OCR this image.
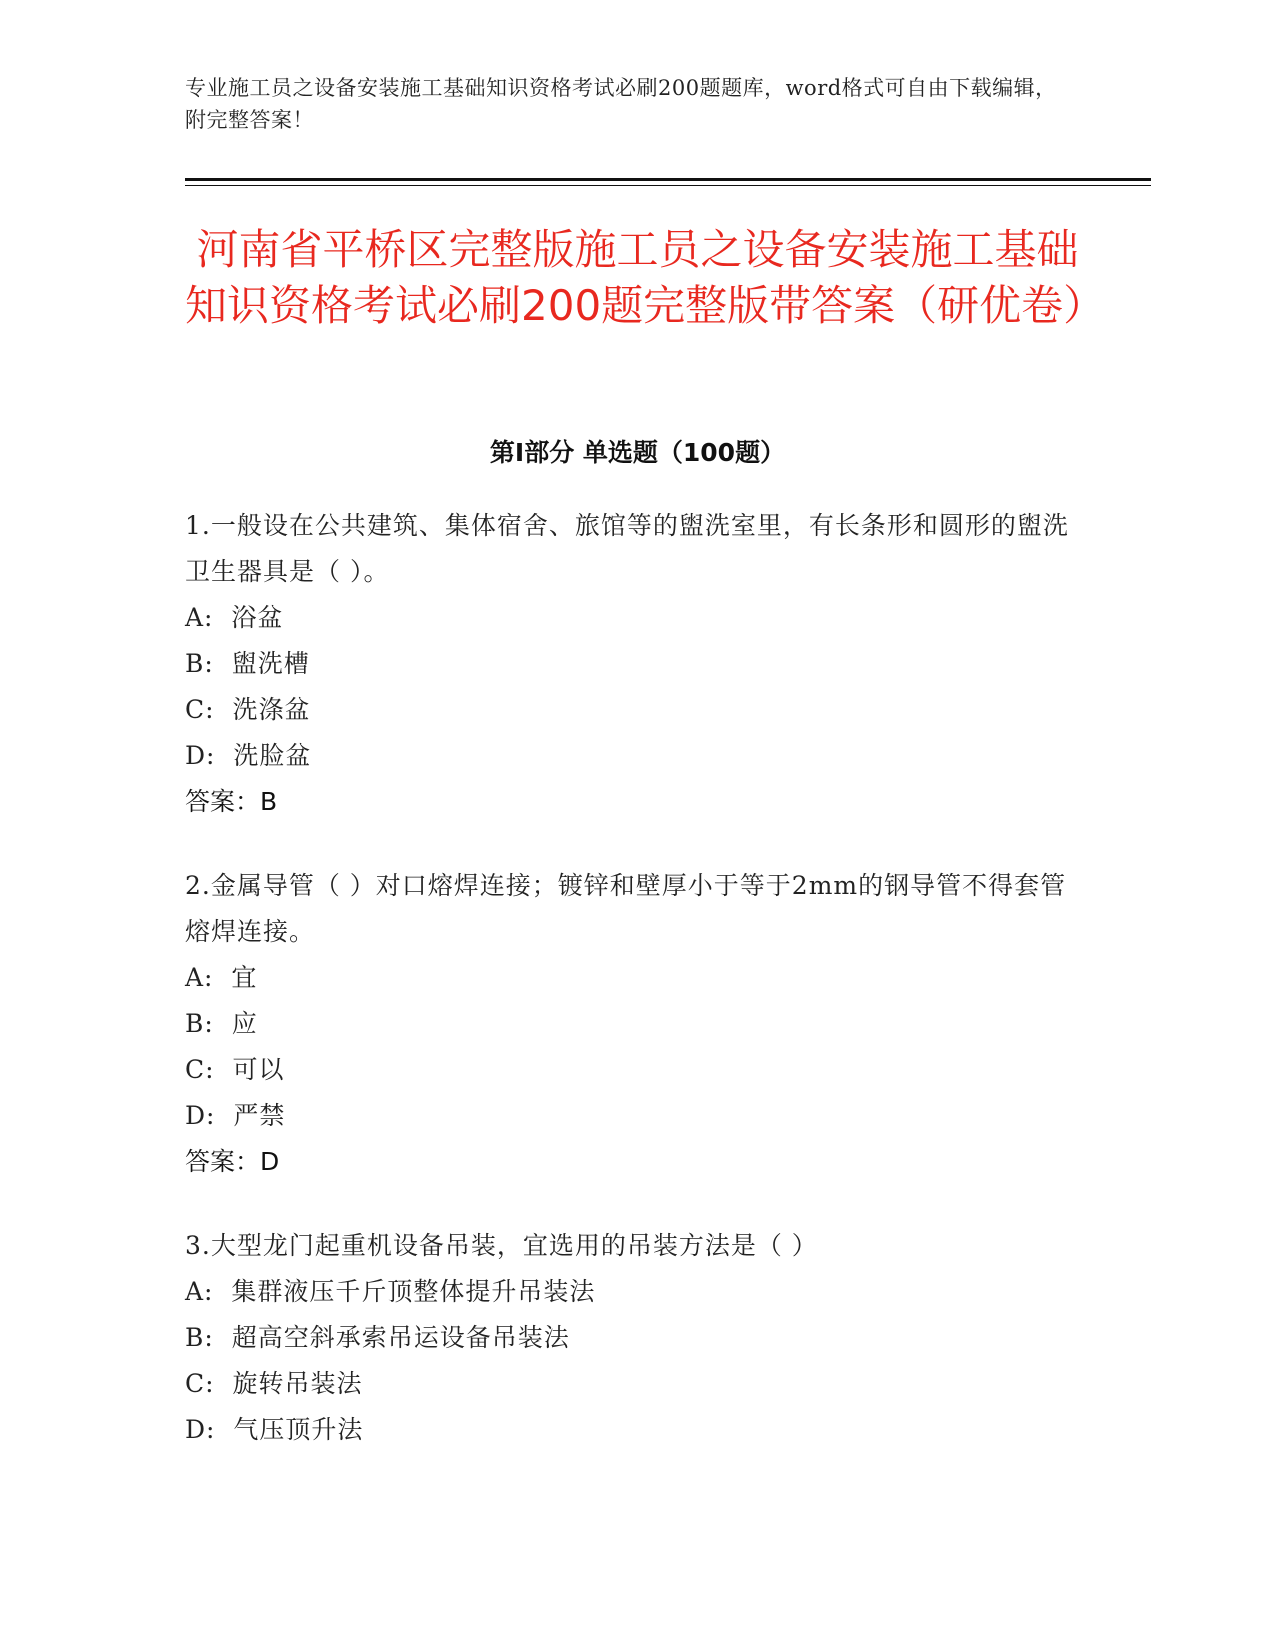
专业施工员之设备安装施工基础知识资格考试必刷200题题库，word格式可自由下载编辑，附完整答案！
河南省平桥区完整版施工员之设备安装施工基础知识资格考试必刷200题完整版带答案（研优卷）
第Ⅰ部分 单选题（100题）

1.一般设在公共建筑、集体宿舍、旅馆等的盥洗室里，有长条形和圆形的盥洗卫生器具是（ ）。

A:  浴盆

B:  盥洗槽

C:  洗涤盆

D:  洗脸盆

答案：B

2.金属导管（ ）对口熔焊连接；镀锌和壁厚小于等于2mm的钢导管不得套管熔焊连接。

A:  宜

B:  应

C:  可以

D:  严禁

答案：D

3.大型龙门起重机设备吊装，宜选用的吊装方法是（ ）

A:  集群液压千斤顶整体提升吊装法

B:  超高空斜承索吊运设备吊装法

C:  旋转吊装法

D:  气压顶升法
